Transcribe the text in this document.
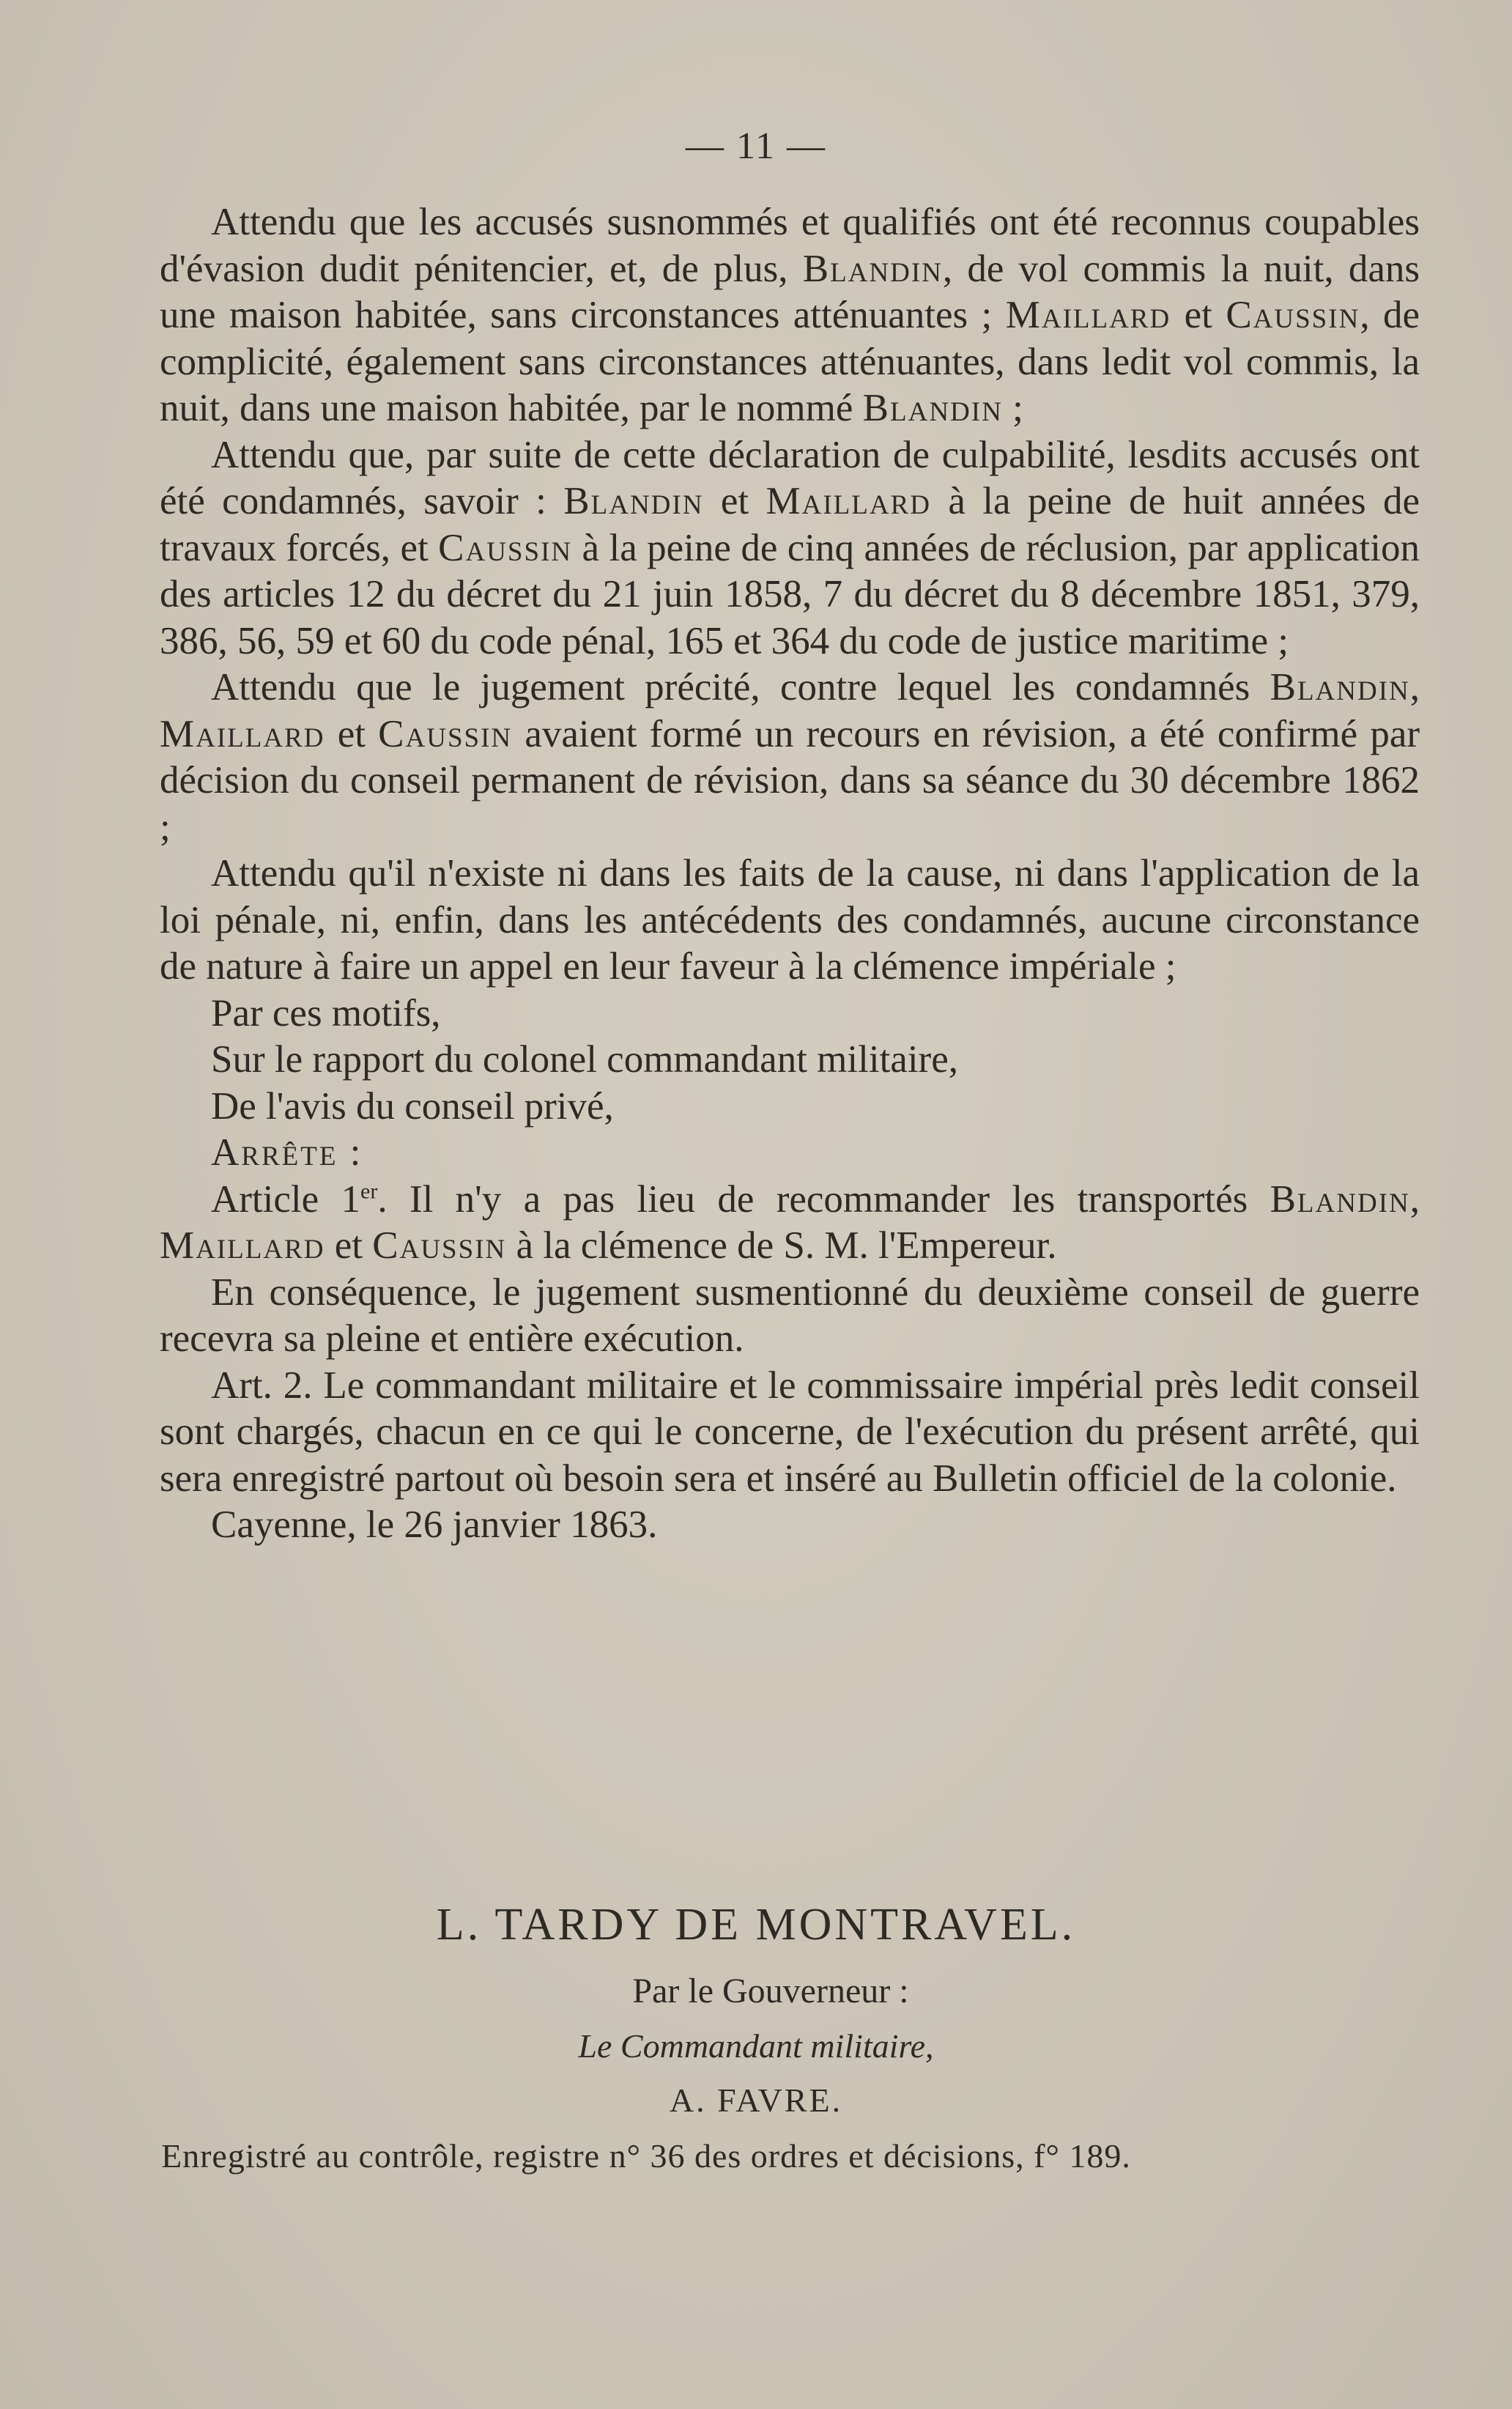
— 11 —

Attendu que les accusés susnommés et qualifiés ont été reconnus coupables d'évasion dudit pénitencier, et, de plus, Blandin, de vol commis la nuit, dans une maison habitée, sans circonstances atténuantes ; Maillard et Caussin, de complicité, également sans circonstances atténuantes, dans ledit vol commis, la nuit, dans une maison habitée, par le nommé Blandin ;

Attendu que, par suite de cette déclaration de culpabilité, lesdits accusés ont été condamnés, savoir : Blandin et Maillard à la peine de huit années de travaux forcés, et Caussin à la peine de cinq années de réclusion, par application des articles 12 du décret du 21 juin 1858, 7 du décret du 8 décembre 1851, 379, 386, 56, 59 et 60 du code pénal, 165 et 364 du code de justice maritime ;

Attendu que le jugement précité, contre lequel les condamnés Blandin, Maillard et Caussin avaient formé un recours en révision, a été confirmé par décision du conseil permanent de révision, dans sa séance du 30 décembre 1862 ;

Attendu qu'il n'existe ni dans les faits de la cause, ni dans l'application de la loi pénale, ni, enfin, dans les antécédents des condamnés, aucune circonstance de nature à faire un appel en leur faveur à la clémence impériale ;

Par ces motifs,

Sur le rapport du colonel commandant militaire,

De l'avis du conseil privé,

Arrête :

Article 1er. Il n'y a pas lieu de recommander les transportés Blandin, Maillard et Caussin à la clémence de S. M. l'Empereur.

En conséquence, le jugement susmentionné du deuxième conseil de guerre recevra sa pleine et entière exécution.

Art. 2. Le commandant militaire et le commissaire impérial près ledit conseil sont chargés, chacun en ce qui le concerne, de l'exécution du présent arrêté, qui sera enregistré partout où besoin sera et inséré au Bulletin officiel de la colonie.

Cayenne, le 26 janvier 1863.

L. TARDY DE MONTRAVEL.
Par le Gouverneur :
Le Commandant militaire,
A. FAVRE.
Enregistré au contrôle, registre n° 36 des ordres et décisions, f° 189.
